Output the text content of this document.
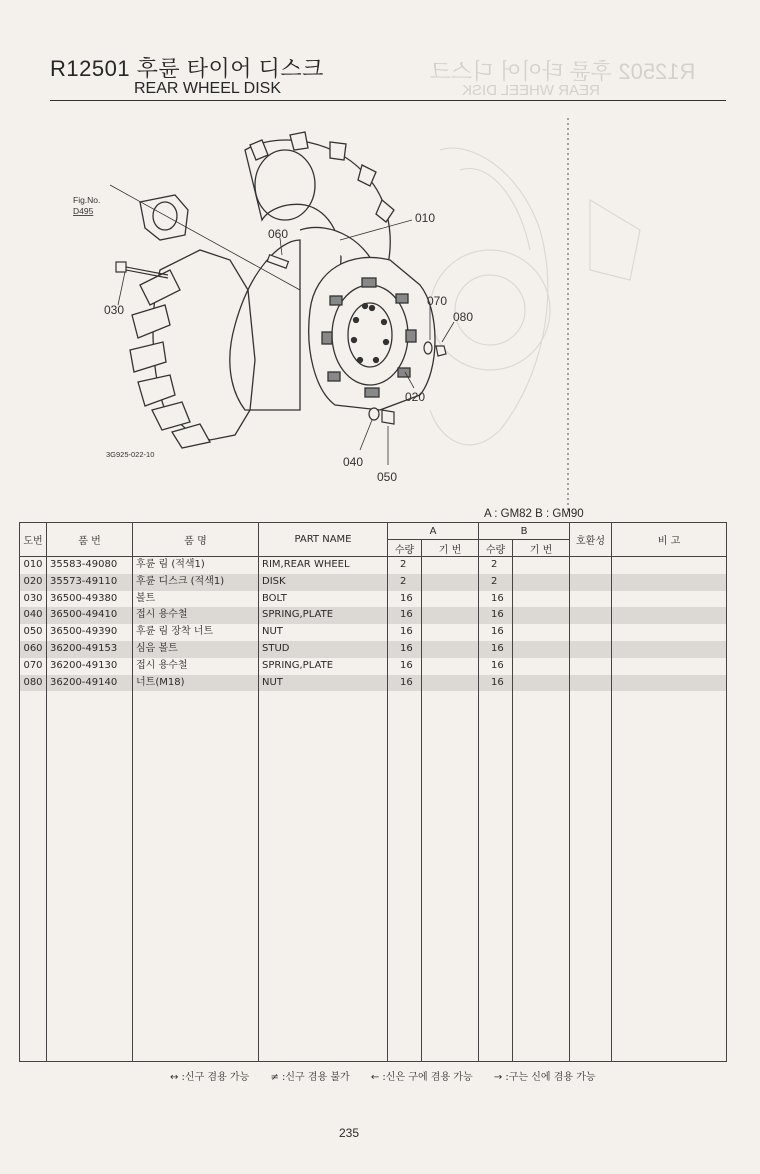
R12502 후륜 타이어 디스크
REAR WHEEL DISK
R12501 후륜 타이어 디스크
REAR WHEEL DISK
Fig.No.
D495	010
060
030
070
080
020
040
050
3G925-022-10
A : GM82 B : GM90
도번	품 번	품 명	PART NAME	A		B		호환성	비 고
				수량	기 번	수량	기 번		
010	35583-49080	후륜 림 (적색1)	RIM,REAR WHEEL	2		2			
020	35573-49110	후륜 디스크 (적색1)	DISK	2		2			
030	36500-49380	볼트	BOLT	16		16			
040	36500-49410	접시 용수철	SPRING,PLATE	16		16			
050	36500-49390	후륜 림 장착 너트	NUT	16		16			
060	36200-49153	심음 볼트	STUD	16		16			
070	36200-49130	접시 용수철	SPRING,PLATE	16		16			
080	36200-49140	너트(M18)	NUT	16		16			

↔ :신구 겸용 가능 ≠ :신구 겸용 불가 ← :신은 구에 겸용 가능 → :구는 신에 겸용 가능
235
